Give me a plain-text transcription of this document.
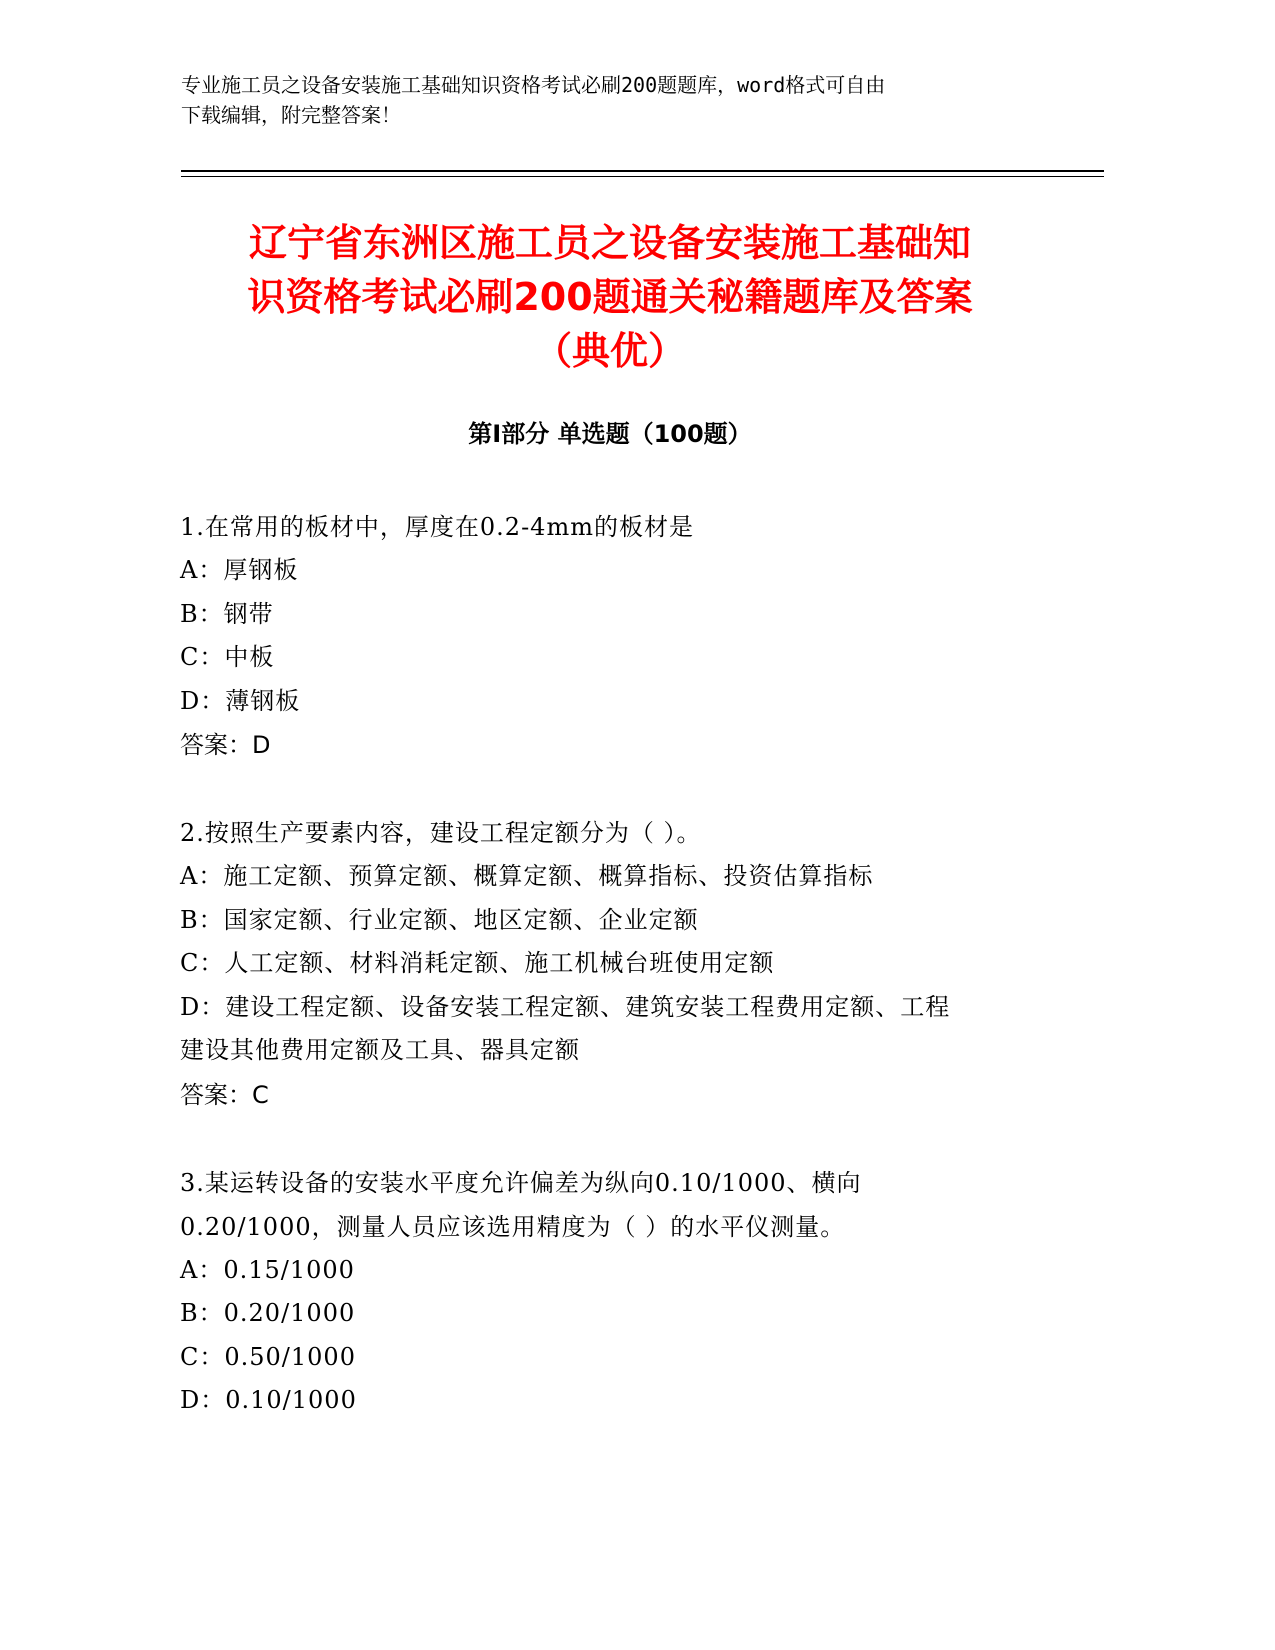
专业施工员之设备安装施工基础知识资格考试必刷200题题库，word格式可自由
下载编辑，附完整答案！
辽宁省东洲区施工员之设备安装施工基础知
识资格考试必刷200题通关秘籍题库及答案
（典优）
第Ⅰ部分 单选题（100题）

1.在常用的板材中，厚度在0.2-4mm的板材是

A：厚钢板

B：钢带

C：中板

D：薄钢板

答案：D

2.按照生产要素内容，建设工程定额分为（ ）。

A：施工定额、预算定额、概算定额、概算指标、投资估算指标

B：国家定额、行业定额、地区定额、企业定额

C：人工定额、材料消耗定额、施工机械台班使用定额

D：建设工程定额、设备安装工程定额、建筑安装工程费用定额、工程

建设其他费用定额及工具、器具定额

答案：C

3.某运转设备的安装水平度允许偏差为纵向0.10/1000、横向

0.20/1000，测量人员应该选用精度为（ ）的水平仪测量。

A：0.15/1000

B：0.20/1000

C：0.50/1000

D：0.10/1000
